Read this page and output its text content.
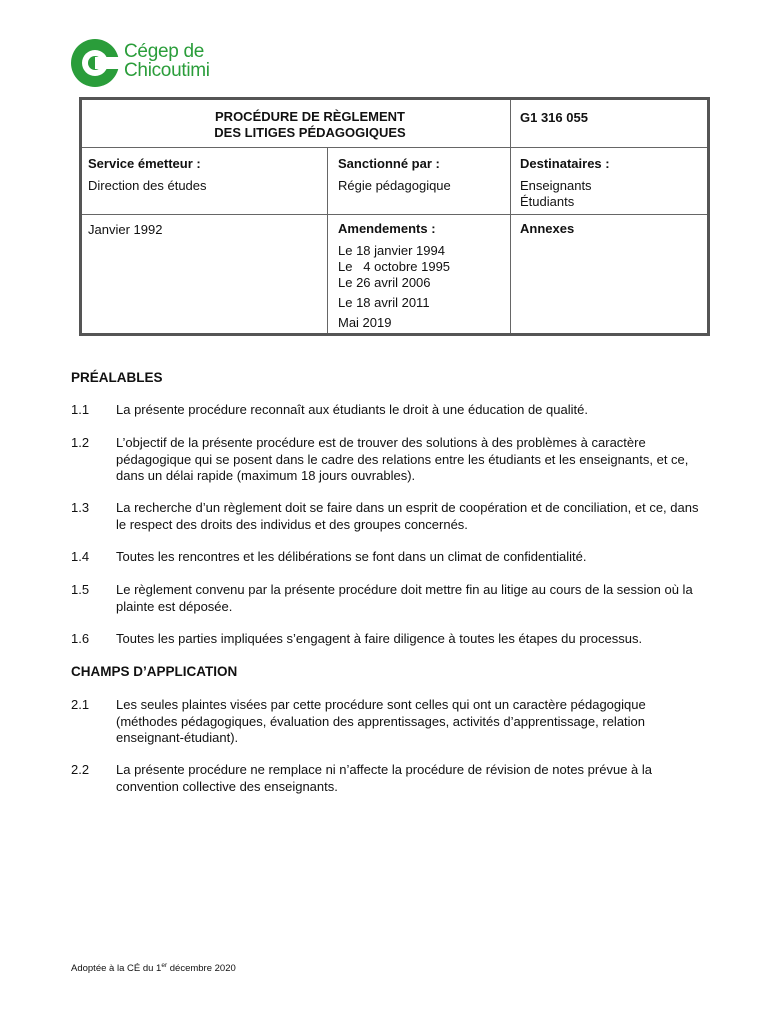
Cégep de
Chicoutimi
PROCÉDURE DE RÈGLEMENT
DES LITIGES PÉDAGOGIQUES
G1 316 055
Service émetteur :
Direction des études
Sanctionné par :
Régie pédagogique
Destinataires :
Enseignants
Étudiants
Janvier 1992	Amendements :
Le 18 janvier 1994
Le   4 octobre 1995
Le 26 avril 2006
Le 18 avril 2011
Mai 2019
Annexes
PRÉALABLES
1.1 La présente procédure reconnaît aux étudiants le droit à une éducation de qualité.
1.2 L’objectif de la présente procédure est de trouver des solutions à des problèmes à caractère pédagogique qui se posent dans le cadre des relations entre les étudiants et les enseignants, et ce, dans un délai rapide (maximum 18 jours ouvrables).
1.3 La recherche d’un règlement doit se faire dans un esprit de coopération et de conciliation, et ce, dans le respect des droits des individus et des groupes concernés.
1.4 Toutes les rencontres et les délibérations se font dans un climat de confidentialité.
1.5 Le règlement convenu par la présente procédure doit mettre fin au litige au cours de la session où la plainte est déposée.
1.6 Toutes les parties impliquées s’engagent à faire diligence à toutes les étapes du processus.
CHAMPS D’APPLICATION
2.1 Les seules plaintes visées par cette procédure sont celles qui ont un caractère pédagogique (méthodes pédagogiques, évaluation des apprentissages, activités d’apprentissage, relation enseignant-étudiant).
2.2 La présente procédure ne remplace ni n’affecte la procédure de révision de notes prévue à la convention collective des enseignants.
Adoptée à la CÉ du 1er décembre 2020
